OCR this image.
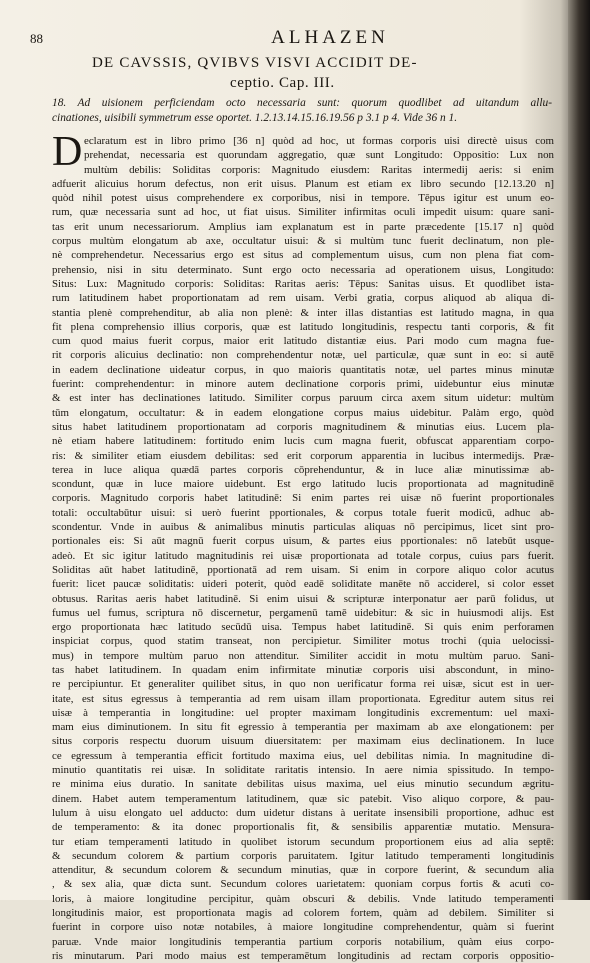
88	ALHAZEN
DE CAVSSIS, QVIBVS VISVI ACCIDIT DE-
ceptio. Cap. III.
18. Ad uisionem perficiendam octo necessaria sunt: quorum quodlibet ad uitandum allu-
cinationes, uisibili symmetrum esse oportet. 1.2.13.14.15.16.19.56 p 3.1 p 4. Vide 36 n 1.
D eclaratum est in libro primo [36 n] quòd ad hoc, ut formas corporis uisi directè uisus com
prehendat, necessaria est quorundam aggregatio, quæ sunt Longitudo: Oppositio: Lux non
multùm debilis: Soliditas corporis: Magnitudo eiusdem: Raritas intermedij aeris: si enim
adfuerit alicuius horum defectus, non erit uisus. Planum est etiam ex libro secundo [12.13.20 n]
quòd nihil potest uisus comprehendere ex corporibus, nisi in tempore. Tēpus igitur est unum eo-
rum, quæ necessaria sunt ad hoc, ut fiat uisus. Similiter infirmitas oculi impedit uisum: quare sani-
tas erit unum necessariorum. Amplius iam explanatum est in parte præcedente [15.17 n] quòd
corpus multùm elongatum ab axe, occultatur uisui: & si multùm tunc fuerit declinatum, non ple-
nè comprehendetur. Necessarius ergo est situs ad complementum uisus, cum non plena fiat com-
prehensio, nisi in situ determinato. Sunt ergo octo necessaria ad operationem uisus, Longitudo:
Situs: Lux: Magnitudo corporis: Soliditas: Raritas aeris: Tēpus: Sanitas uisus. Et quodlibet ista-
rum latitudinem habet proportionatam ad rem uisam. Verbi gratia, corpus aliquod ab aliqua di-
stantia plenè comprehenditur, ab alia non plenè: & inter illas distantias est latitudo magna, in qua
fit plena comprehensio illius corporis, quæ est latitudo longitudinis, respectu tanti corporis, & fit
cum quod maius fuerit corpus, maior erit latitudo distantiæ eius. Pari modo cum magna fue-
rit corporis alicuius declinatio: non comprehendentur notæ, uel particulæ, quæ sunt in eo: si autē
in eadem declinatione uideatur corpus, in quo maioris quantitatis notæ, uel partes minus minutæ
fuerint: comprehendentur: in minore autem declinatione corporis primi, uidebuntur eius minutæ
& est inter has declinationes latitudo. Similiter corpus paruum circa axem situm uidetur: multùm
tūm elongatum, occultatur: & in eadem elongatione corpus maius uidebitur. Palàm ergo, quòd
situs habet latitudinem proportionatam ad corporis magnitudinem & minutias eius. Lucem pla-
nè etiam habere latitudinem: fortitudo enim lucis cum magna fuerit, obfuscat apparentiam corpo-
ris: & similiter etiam eiusdem debilitas: sed erit corporum apparentia in lucibus intermedijs. Præ-
terea in luce aliqua quædā partes corporis cōprehenduntur, & in luce aliæ minutissimæ ab-
scondunt, quæ in luce maiore uidebunt. Est ergo latitudo lucis proportionata ad magnitudinē
corporis. Magnitudo corporis habet latitudinē: Si enim partes rei uisæ nō fuerint proportionales
totali: occultabūtur uisui: si uerò fuerint pportionales, & corpus totale fuerit modicū, adhuc ab-
scondentur. Vnde in auibus & animalibus minutis particulas aliquas nō percipimus, licet sint pro-
portionales eis: Si aūt magnū fuerit corpus uisum, & partes eius pportionales: nō latebūt usque-
adeò. Et sic igitur latitudo magnitudinis rei uisæ proportionata ad totale corpus, cuius pars fuerit.
Soliditas aūt habet latitudinē, pportionatā ad rem uisam. Si enim in corpore aliquo color acutus
fuerit: licet paucæ soliditatis: uideri poterit, quòd eadē soliditate manēte nō acciderel, si color esset
obtusus. Raritas aeris habet latitudinē. Si enim uisui & scripturæ interponatur aer parū folidus, ut
fumus uel fumus, scriptura nō discernetur, pergamenū tamē uidebitur: & sic in huiusmodi alijs. Est
ergo proportionata hæc latitudo secūdū uisa. Tempus habet latitudinē. Si quis enim perforamen
inspiciat corpus, quod statim transeat, non percipietur. Similiter motus trochi (quia uelocissi-
mus) in tempore multùm paruo non attenditur. Similiter accidit in motu multùm paruo. Sani-
tas habet latitudinem. In quadam enim infirmitate minutiæ corporis uisi abscondunt, in mino-
re percipiuntur. Et generaliter quilibet situs, in quo non uerificatur forma rei uisæ, sicut est in uer-
itate, est situs egressus à temperantia ad rem uisam illam proportionata. Egreditur autem situs rei
uisæ à temperantia in longitudine: uel propter maximam longitudinis excrementum: uel maxi-
mam eius diminutionem. In situ fit egressio à temperantia per maximam ab axe elongationem: per
situs corporis respectu duorum uisuum diuersitatem: per maximam eius declinationem. In luce
ce egressum à temperantia efficit fortitudo maxima eius, uel debilitas nimia. In magnitudine di-
minutio quantitatis rei uisæ. In soliditate raritatis intensio. In aere nimia spissitudo. In tempo-
re minima eius duratio. In sanitate debilitas uisus maxima, uel eius minutio secundum ægritu-
dinem. Habet autem temperamentum latitudinem, quæ sic patebit. Viso aliquo corpore, & pau-
lulum à uisu elongato uel adducto: dum uidetur distans à ueritate insensibili proportione, adhuc est
de temperamento: & ita donec proportionalis fit, & sensibilis apparentiæ mutatio. Mensura-
tur etiam temperamenti latitudo in quolibet istorum secundum proportionem eius ad alia septē:
& secundum colorem & partium corporis paruitatem. Igitur latitudo temperamenti longitudinis
attenditur, & secundum colorem & secundum minutias, quæ in corpore fuerint, & secundum alia
, & sex alia, quæ dicta sunt. Secundum colores uarietatem: quoniam corpus fortis & acuti co-
loris, à maiore longitudine percipitur, quàm obscuri & debilis. Vnde latitudo temperamenti
longitudinis maior, est proportionata magis ad colorem fortem, quàm ad debilem. Similiter si
fuerint in corpore uiso notæ notabiles, à maiore longitudine comprehendentur, quàm si fuerint
paruæ. Vnde maior longitudinis temperantia partium corporis notabilium, quàm eius corpo-
ris minutarum. Pari modo maius est temperamētum longitudinis ad rectam corporis oppositio-
